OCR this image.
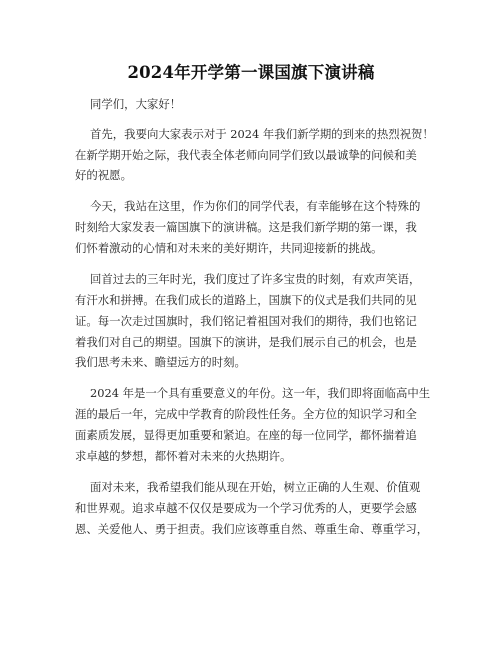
2024年开学第一课国旗下演讲稿
同学们，大家好！
首先，我要向大家表示对于 2024 年我们新学期的到来的热烈祝贺！
在新学期开始之际，我代表全体老师向同学们致以最诚挚的问候和美
好的祝愿。
今天，我站在这里，作为你们的同学代表，有幸能够在这个特殊的
时刻给大家发表一篇国旗下的演讲稿。这是我们新学期的第一课，我
们怀着激动的心情和对未来的美好期许，共同迎接新的挑战。
回首过去的三年时光，我们度过了许多宝贵的时刻，有欢声笑语，
有汗水和拼搏。在我们成长的道路上，国旗下的仪式是我们共同的见
证。每一次走过国旗时，我们铭记着祖国对我们的期待，我们也铭记
着我们对自己的期望。国旗下的演讲，是我们展示自己的机会，也是
我们思考未来、瞻望远方的时刻。
2024 年是一个具有重要意义的年份。这一年，我们即将面临高中生
涯的最后一年，完成中学教育的阶段性任务。全方位的知识学习和全
面素质发展，显得更加重要和紧迫。在座的每一位同学，都怀揣着追
求卓越的梦想，都怀着对未来的火热期许。
面对未来，我希望我们能从现在开始，树立正确的人生观、价值观
和世界观。追求卓越不仅仅是要成为一个学习优秀的人，更要学会感
恩、关爱他人、勇于担责。我们应该尊重自然、尊重生命、尊重学习，
